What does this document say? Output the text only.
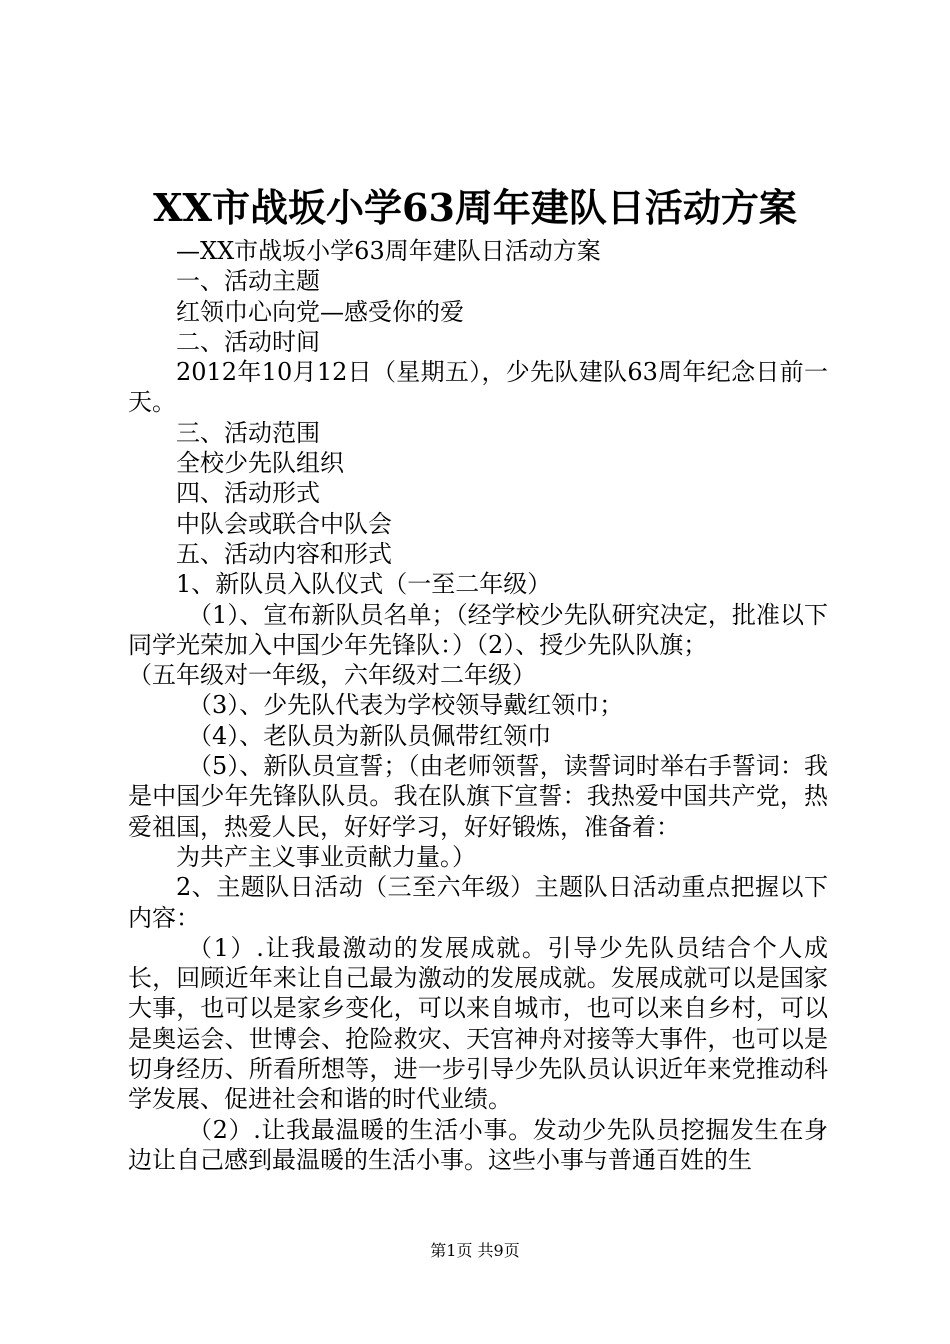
XX市战坂小学63周年建队日活动方案

—XX市战坂小学63周年建队日活动方案

一、活动主题

红领巾心向党—感受你的爱

二、活动时间

2012年10月12日（星期五），少先队建队63周年纪念日前一天。

三、活动范围

全校少先队组织

四、活动形式

中队会或联合中队会

五、活动内容和形式

1、新队员入队仪式（一至二年级）

（1）、宣布新队员名单；（经学校少先队研究决定，批准以下同学光荣加入中国少年先锋队：）（2）、授少先队队旗；

（五年级对一年级，六年级对二年级）

（3）、少先队代表为学校领导戴红领巾；

（4）、老队员为新队员佩带红领巾

（5）、新队员宣誓；（由老师领誓，读誓词时举右手誓词：我是中国少年先锋队队员。我在队旗下宣誓：我热爱中国共产党，热爱祖国，热爱人民，好好学习，好好锻炼，准备着：

为共产主义事业贡献力量。）

2、主题队日活动（三至六年级）主题队日活动重点把握以下内容：

（1）.让我最激动的发展成就。引导少先队员结合个人成长，回顾近年来让自己最为激动的发展成就。发展成就可以是国家大事，也可以是家乡变化，可以来自城市，也可以来自乡村，可以是奥运会、世博会、抢险救灾、天宫神舟对接等大事件，也可以是切身经历、所看所想等，进一步引导少先队员认识近年来党推动科学发展、促进社会和谐的时代业绩。

（2）.让我最温暖的生活小事。发动少先队员挖掘发生在身边让自己感到最温暖的生活小事。这些小事与普通百姓的生

第1页 共9页
